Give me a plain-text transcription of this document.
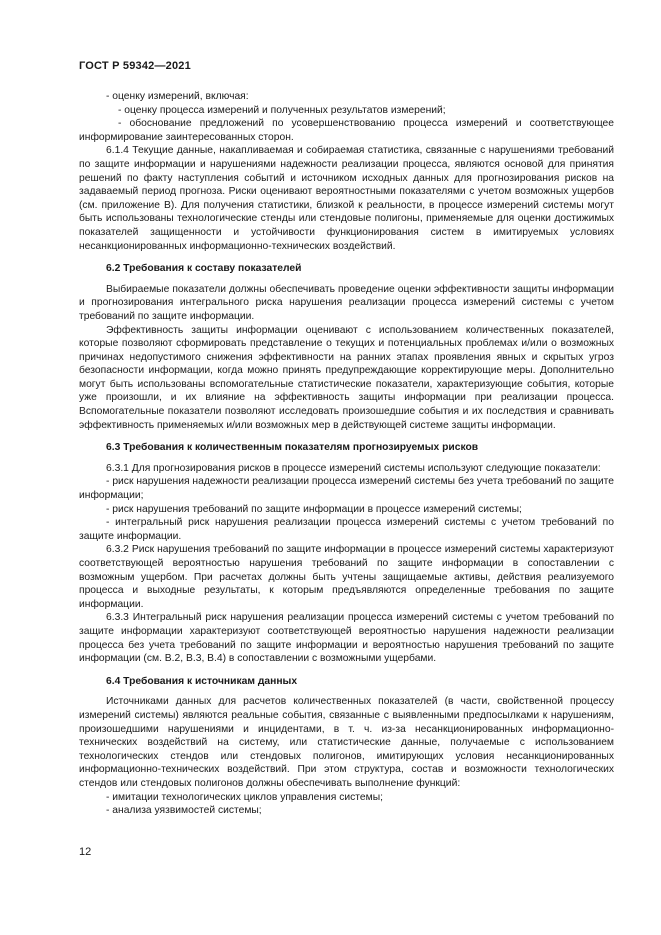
ГОСТ Р 59342—2021

- оценку измерений, включая:

- оценку процесса измерений и полученных результатов измерений;

- обоснование предложений по усовершенствованию процесса измерений и соответствующее информирование заинтересованных сторон.

6.1.4 Текущие данные, накапливаемая и собираемая статистика, связанные с нарушениями требований по защите информации и нарушениями надежности реализации процесса, являются основой для принятия решений по факту наступления событий и источником исходных данных для прогнозирования рисков на задаваемый период прогноза. Риски оценивают вероятностными показателями с учетом возможных ущербов (см. приложение В). Для получения статистики, близкой к реальности, в процессе измерений системы могут быть использованы технологические стенды или стендовые полигоны, применяемые для оценки достижимых показателей защищенности и устойчивости функционирования систем в имитируемых условиях несанкционированных информационно-технических воздействий.

6.2 Требования к составу показателей

Выбираемые показатели должны обеспечивать проведение оценки эффективности защиты информации и прогнозирования интегрального риска нарушения реализации процесса измерений системы с учетом требований по защите информации.

Эффективность защиты информации оценивают с использованием количественных показателей, которые позволяют сформировать представление о текущих и потенциальных проблемах и/или о возможных причинах недопустимого снижения эффективности на ранних этапах проявления явных и скрытых угроз безопасности информации, когда можно принять предупреждающие корректирующие меры. Дополнительно могут быть использованы вспомогательные статистические показатели, характеризующие события, которые уже произошли, и их влияние на эффективность защиты информации при реализации процесса. Вспомогательные показатели позволяют исследовать произошедшие события и их последствия и сравнивать эффективность применяемых и/или возможных мер в действующей системе защиты информации.

6.3 Требования к количественным показателям прогнозируемых рисков

6.3.1 Для прогнозирования рисков в процессе измерений системы используют следующие показатели:

- риск нарушения надежности реализации процесса измерений системы без учета требований по защите информации;

- риск нарушения требований по защите информации в процессе измерений системы;

- интегральный риск нарушения реализации процесса измерений системы с учетом требований по защите информации.

6.3.2 Риск нарушения требований по защите информации в процессе измерений системы характеризуют соответствующей вероятностью нарушения требований по защите информации в сопоставлении с возможным ущербом. При расчетах должны быть учтены защищаемые активы, действия реализуемого процесса и выходные результаты, к которым предъявляются определенные требования по защите информации.

6.3.3 Интегральный риск нарушения реализации процесса измерений системы с учетом требований по защите информации характеризуют соответствующей вероятностью нарушения надежности реализации процесса без учета требований по защите информации и вероятностью нарушения требований по защите информации (см. В.2, В.3, В.4) в сопоставлении с возможными ущербами.

6.4 Требования к источникам данных

Источниками данных для расчетов количественных показателей (в части, свойственной процессу измерений системы) являются реальные события, связанные с выявленными предпосылками к нарушениям, произошедшими нарушениями и инцидентами, в т. ч. из-за несанкционированных информационно-технических воздействий на систему, или статистические данные, получаемые с использованием технологических стендов или стендовых полигонов, имитирующих условия несанкционированных информационно-технических воздействий. При этом структура, состав и возможности технологических стендов или стендовых полигонов должны обеспечивать выполнение функций:

- имитации технологических циклов управления системы;

- анализа уязвимостей системы;

12
